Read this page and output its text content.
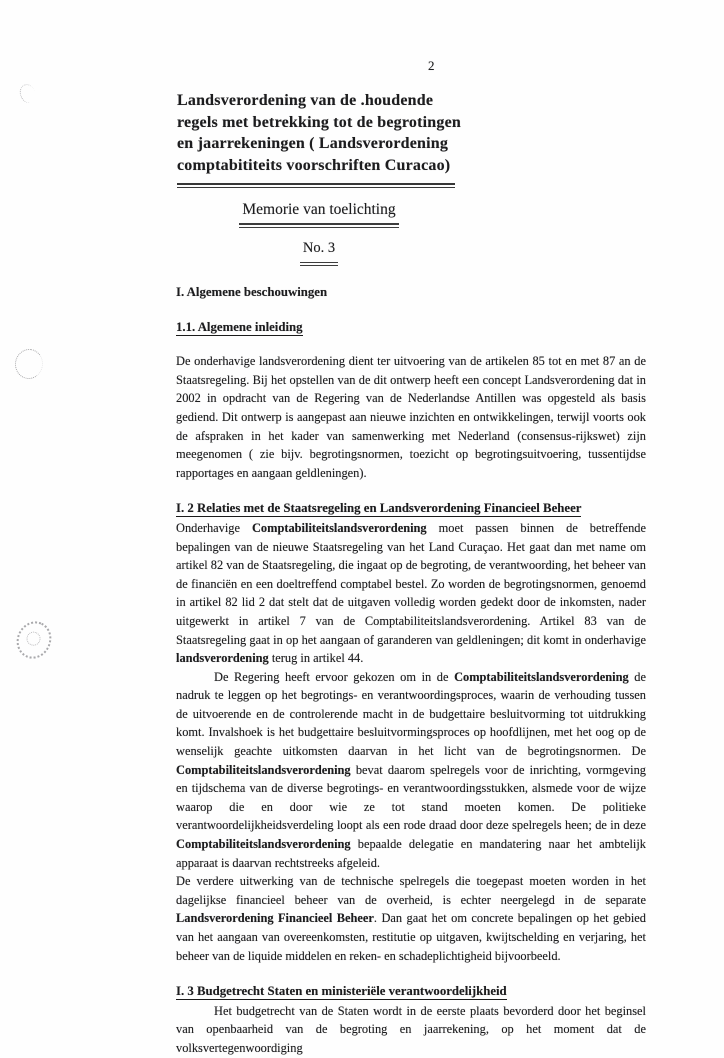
2
Landsverordening van de .houdende
regels met betrekking tot de begrotingen
en jaarrekeningen ( Landsverordening
comptabititeits voorschriften Curacao)
Memorie van toelichting
No. 3
I. Algemene beschouwingen
1.1. Algemene inleiding

De onderhavige landsverordening dient ter uitvoering van de artikelen 85 tot en met 87 an de Staatsregeling. Bij het opstellen van de dit ontwerp heeft een concept Landsverordening dat in 2002 in opdracht van de Regering van de Nederlandse Antillen was opgesteld als basis gediend. Dit ontwerp is aangepast aan nieuwe inzichten en ontwikkelingen, terwijl voorts ook de afspraken in het kader van samenwerking met Nederland (consensus-rijkswet) zijn meegenomen ( zie bijv. begrotingsnormen, toezicht op begrotingsuitvoering, tussentijdse rapportages en aangaan geldleningen).

I. 2 Relaties met de Staatsregeling en Landsverordening Financieel Beheer

Onderhavige Comptabiliteitslandsverordening moet passen binnen de betreffende bepalingen van de nieuwe Staatsregeling van het Land Curaçao. Het gaat dan met name om artikel 82 van de Staatsregeling, die ingaat op de begroting, de verantwoording, het beheer van de financiën en een doeltreffend comptabel bestel. Zo worden de begrotingsnormen, genoemd in artikel 82 lid 2 dat stelt dat de uitgaven volledig worden gedekt door de inkomsten, nader uitgewerkt in artikel 7 van de Comptabiliteitslandsverordening. Artikel 83 van de Staatsregeling gaat in op het aangaan of garanderen van geldleningen; dit komt in onderhavige landsverordening terug in artikel 44.

De Regering heeft ervoor gekozen om in de Comptabiliteitslandsverordening de nadruk te leggen op het begrotings- en verantwoordingsproces, waarin de verhouding tussen de uitvoerende en de controlerende macht in de budgettaire besluitvorming tot uitdrukking komt. Invalshoek is het budgettaire besluitvormingsproces op hoofdlijnen, met het oog op de wenselijk geachte uitkomsten daarvan in het licht van de begrotingsnormen. De Comptabiliteitslandsverordening bevat daarom spelregels voor de inrichting, vormgeving en tijdschema van de diverse begrotings- en verantwoordingsstukken, alsmede voor de wijze waarop die en door wie ze tot stand moeten komen. De politieke verantwoordelijkheidsverdeling loopt als een rode draad door deze spelregels heen; de in deze Comptabiliteitslandsverordening bepaalde delegatie en mandatering naar het ambtelijk apparaat is daarvan rechtstreeks afgeleid.

De verdere uitwerking van de technische spelregels die toegepast moeten worden in het dagelijkse financieel beheer van de overheid, is echter neergelegd in de separate Landsverordening Financieel Beheer. Dan gaat het om concrete bepalingen op het gebied van het aangaan van overeenkomsten, restitutie op uitgaven, kwijtschelding en verjaring, het beheer van de liquide middelen en reken- en schadeplichtigheid bijvoorbeeld.

I. 3 Budgetrecht Staten en ministeriële verantwoordelijkheid

Het budgetrecht van de Staten wordt in de eerste plaats bevorderd door het beginsel van openbaarheid van de begroting en jaarrekening, op het moment dat de volksvertegenwoordiging
